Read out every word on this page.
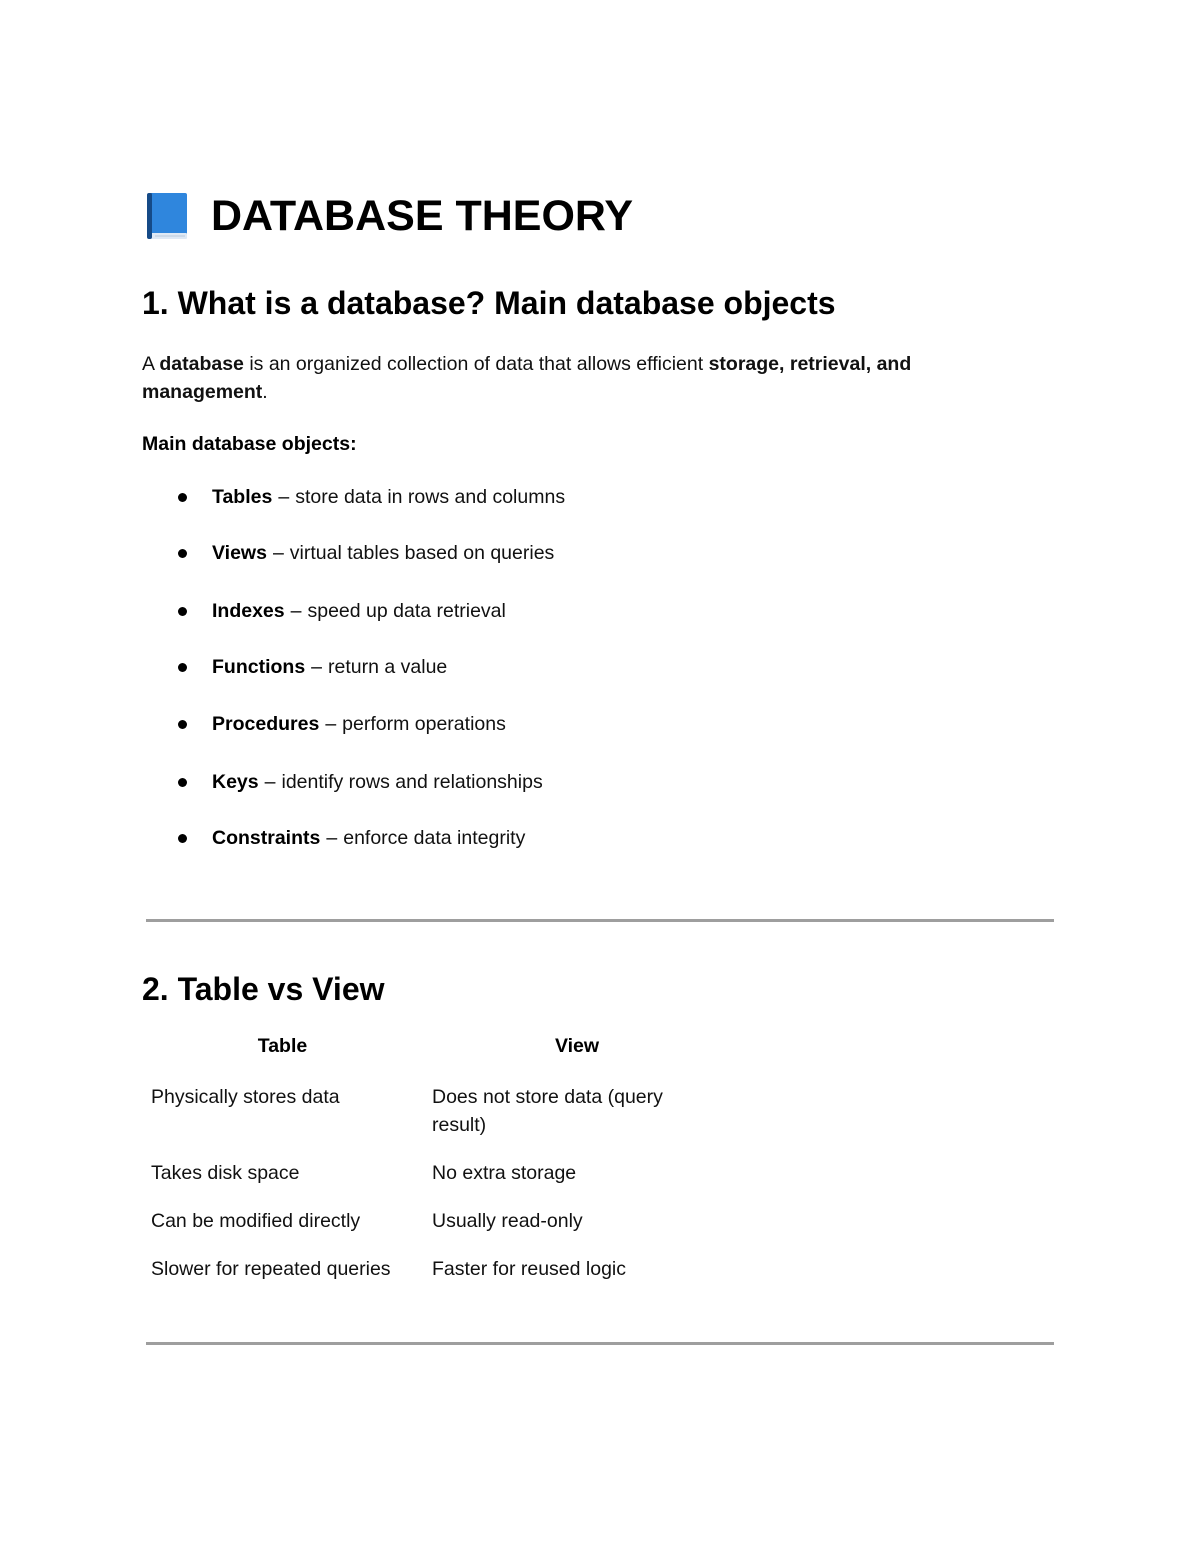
DATABASE THEORY
1. What is a database? Main database objects

A database is an organized collection of data that allows efficient storage, retrieval, and management.

Main database objects:

Tables – store data in rows and columns
Views – virtual tables based on queries
Indexes – speed up data retrieval
Functions – return a value
Procedures – perform operations
Keys – identify rows and relationships
Constraints – enforce data integrity
2. Table vs View
Table	View
Physically stores data	Does not store data (query result)
Takes disk space	No extra storage
Can be modified directly	Usually read-only
Slower for repeated queries	Faster for reused logic
